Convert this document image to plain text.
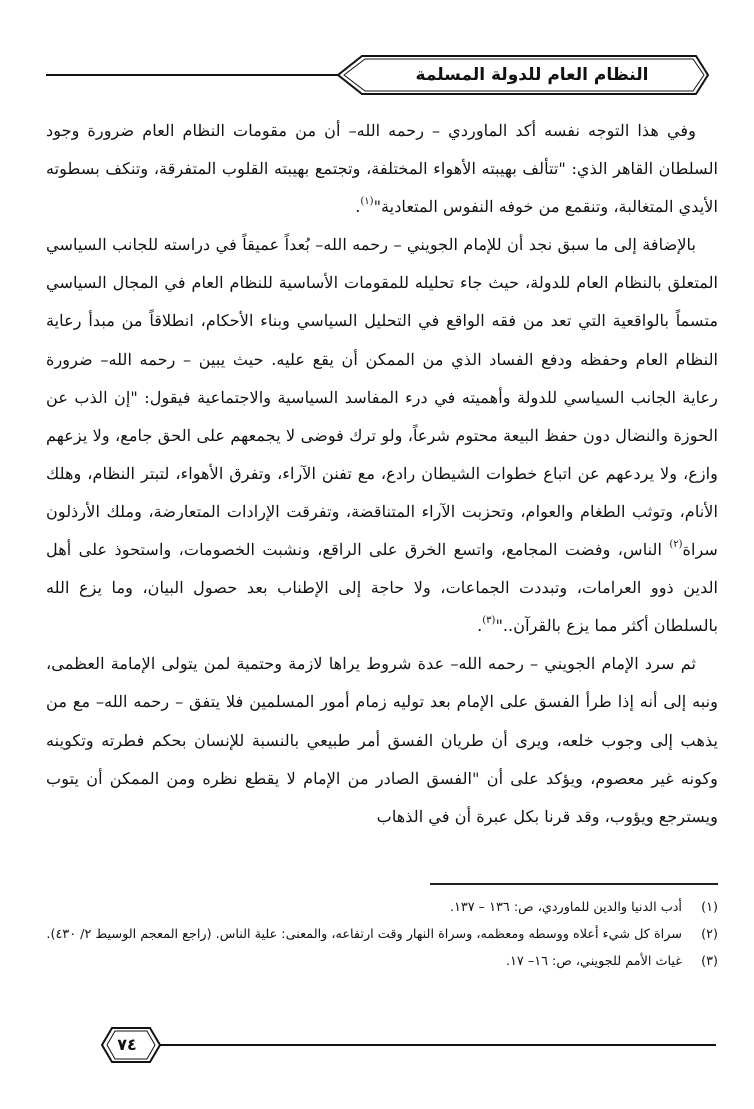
النظام العام للدولة المسلمة

وفي هذا التوجه نفسه أكد الماوردي – رحمه الله– أن من مقومات النظام العام ضرورة وجود السلطان القاهر الذي: "تتألف بهيبته الأهواء المختلفة، وتجتمع بهيبته القلوب المتفرقة، وتنكف بسطوته الأيدي المتغالبة، وتنقمع من خوفه النفوس المتعادية"$^{(١)}$.

بالإضافة إلى ما سبق نجد أن للإمام الجويني – رحمه الله– بُعداً عميقاً في دراسته للجانب السياسي المتعلق بالنظام العام للدولة، حيث جاء تحليله للمقومات الأساسية للنظام العام في المجال السياسي متسماً بالواقعية التي تعد من فقه الواقع في التحليل السياسي وبناء الأحكام، انطلاقاً من مبدأ رعاية النظام العام وحفظه ودفع الفساد الذي من الممكن أن يقع عليه. حيث يبين – رحمه الله– ضرورة رعاية الجانب السياسي للدولة وأهميته في درء المفاسد السياسية والاجتماعية فيقول: "إن الذب عن الحوزة والنضال دون حفظ البيعة محتوم شرعاً، ولو ترك فوضى لا يجمعهم على الحق جامع، ولا يزعهم وازع، ولا يردعهم عن اتباع خطوات الشيطان رادع، مع تفنن الآراء، وتفرق الأهواء، لتبتر النظام، وهلك الأنام، وتوثب الطغام والعوام، وتحزبت الآراء المتناقضة، وتفرقت الإرادات المتعارضة، وملك الأرذلون سراة$^{(٢)}$ الناس، وفضت المجامع، واتسع الخرق على الراقع، ونشبت الخصومات، واستحوذ على أهل الدين ذوو العرامات، وتبددت الجماعات، ولا حاجة إلى الإطناب بعد حصول البيان، وما يزع الله بالسلطان أكثر مما يزع بالقرآن.."$^{(٣)}$.

ثم سرد الإمام الجويني – رحمه الله– عدة شروط يراها لازمة وحتمية لمن يتولى الإمامة العظمى، ونبه إلى أنه إذا طرأ الفسق على الإمام بعد توليه زمام أمور المسلمين فلا يتفق – رحمه الله– مع من يذهب إلى وجوب خلعه، ويرى أن طريان الفسق أمر طبيعي بالنسبة للإنسان بحكم فطرته وتكوينه وكونه غير معصوم، ويؤكد على أن "الفسق الصادر من الإمام لا يقطع نظره ومن الممكن أن يتوب ويسترجع ويؤوب، وقد قرنا بكل عبرة أن في الذهاب

(١)
أدب الدنيا والدين للماوردي، ص: ١٣٦ – ١٣٧.
(٢)
سراة كل شيء أعلاه ووسطه ومعظمه، وسراة النهار وقت ارتفاعه، والمعنى: علية الناس. (راجع المعجم الوسيط ٢/ ٤٣٠).
(٣)
غياث الأمم للجويني، ص: ١٦– ١٧.
٧٤
